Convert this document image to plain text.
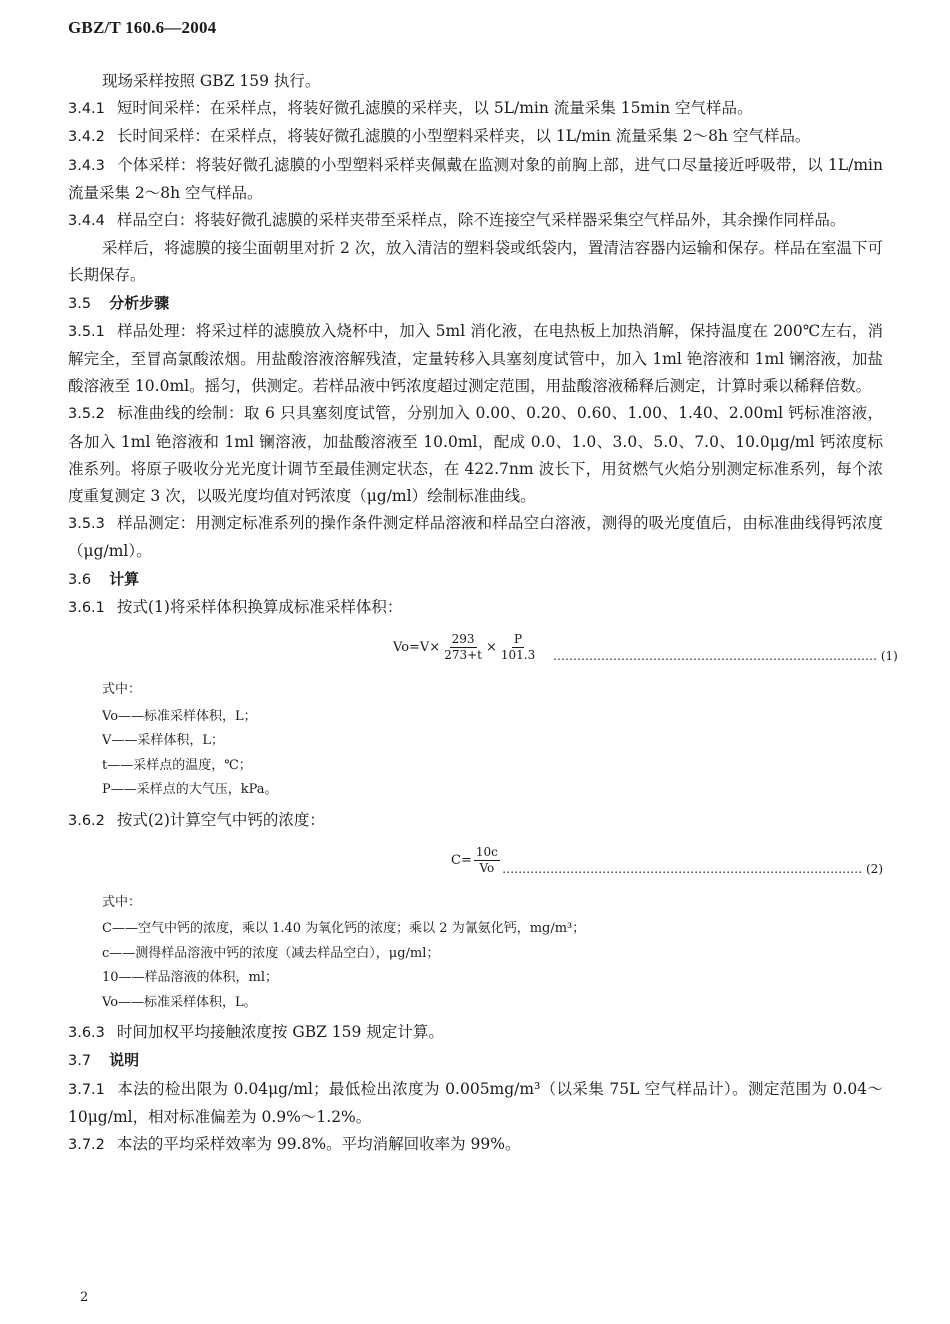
GBZ/T 160.6—2004

现场采样按照 GBZ 159 执行。

3.4.1 短时间采样：在采样点，将装好微孔滤膜的采样夹，以 5L/min 流量采集 15min 空气样品。

3.4.2 长时间采样：在采样点，将装好微孔滤膜的小型塑料采样夹，以 1L/min 流量采集 2～8h 空气样品。

3.4.3 个体采样：将装好微孔滤膜的小型塑料采样夹佩戴在监测对象的前胸上部，进气口尽量接近呼吸带，以 1L/min 流量采集 2～8h 空气样品。

3.4.4 样品空白：将装好微孔滤膜的采样夹带至采样点，除不连接空气采样器采集空气样品外，其余操作同样品。

采样后，将滤膜的接尘面朝里对折 2 次，放入清洁的塑料袋或纸袋内，置清洁容器内运输和保存。样品在室温下可长期保存。

3.5 分析步骤

3.5.1 样品处理：将采过样的滤膜放入烧杯中，加入 5ml 消化液，在电热板上加热消解，保持温度在 200℃左右，消解完全，至冒高氯酸浓烟。用盐酸溶液溶解残渣，定量转移入具塞刻度试管中，加入 1ml 铯溶液和 1ml 镧溶液，加盐酸溶液至 10.0ml。摇匀，供测定。若样品液中钙浓度超过测定范围，用盐酸溶液稀释后测定，计算时乘以稀释倍数。

3.5.2 标准曲线的绘制：取 6 只具塞刻度试管，分别加入 0.00、0.20、0.60、1.00、1.40、2.00ml 钙标准溶液，各加入 1ml 铯溶液和 1ml 镧溶液，加盐酸溶液至 10.0ml，配成 0.0、1.0、3.0、5.0、7.0、10.0μg/ml 钙浓度标准系列。将原子吸收分光光度计调节至最佳测定状态，在 422.7nm 波长下，用贫燃气火焰分别测定标准系列，每个浓度重复测定 3 次，以吸光度均值对钙浓度（μg/ml）绘制标准曲线。

3.5.3 样品测定：用测定标准系列的操作条件测定样品溶液和样品空白溶液，测得的吸光度值后，由标准曲线得钙浓度（μg/ml）。

3.6 计算

3.6.1 按式(1)将采样体积换算成标准采样体积：

$Vo=V\times \frac{293}{273+t} \times \frac{P}{101.3}$ ……………………………………………………………………… (1)
式中：
Vo——标准采样体积，L；
V——采样体积，L；
t——采样点的温度，℃；
P——采样点的大气压，kPa。

3.6.2 按式(2)计算空气中钙的浓度：

$C= \frac{10c}{Vo}$ ……………………………………………………………………………… (2)
式中：
C——空气中钙的浓度，乘以 1.40 为氧化钙的浓度；乘以 2 为氰氨化钙，mg/m³；
c——测得样品溶液中钙的浓度（减去样品空白），μg/ml；
10——样品溶液的体积，ml；
Vo——标准采样体积，L。

3.6.3 时间加权平均接触浓度按 GBZ 159 规定计算。

3.7 说明

3.7.1 本法的检出限为 0.04μg/ml；最低检出浓度为 0.005mg/m³（以采集 75L 空气样品计）。测定范围为 0.04～10μg/ml，相对标准偏差为 0.9%～1.2%。

3.7.2 本法的平均采样效率为 99.8%。平均消解回收率为 99%。

2
